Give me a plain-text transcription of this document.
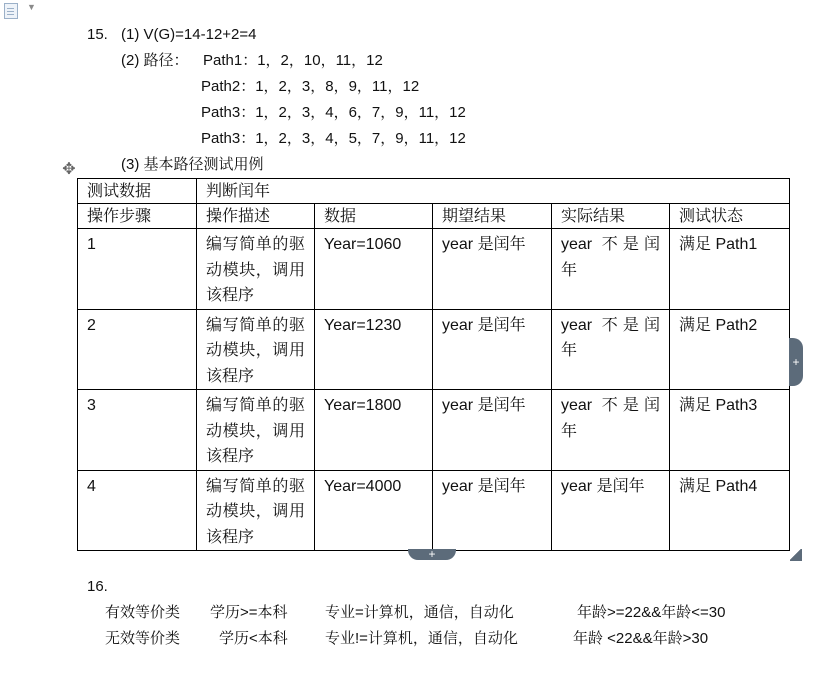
▼
15. (1) V(G)=14-12+2=4
(2) 路径： Path1：1，2，10，11，12
Path2：1，2，3，8，9，11，12
Path3：1，2，3，4，6，7，9，11，12
Path3：1，2，3，4，5，7，9，11，12
(3) 基本路径测试用例
✥
测试数据	判断闰年				
操作步骤	操作描述	数据	期望结果	实际结果	测试状态
1	编写简单的驱动模块，调用该程序	Year=1060	year 是闰年	year 不是闰年	满足 Path1
2	编写简单的驱动模块，调用该程序	Year=1230	year 是闰年	year 不是闰年	满足 Path2
3	编写简单的驱动模块，调用该程序	Year=1800	year 是闰年	year 不是闰年	满足 Path3
4	编写简单的驱动模块，调用该程序	Year=4000	year 是闰年	year 是闰年	满足 Path4
+
+
16.
有效等价类 学历>=本科 专业=计算机，通信，自动化	年龄>=22&&年龄<=30
无效等价类	学历<本科 专业!=计算机，通信，自动化	年龄 <22&&年龄>30
